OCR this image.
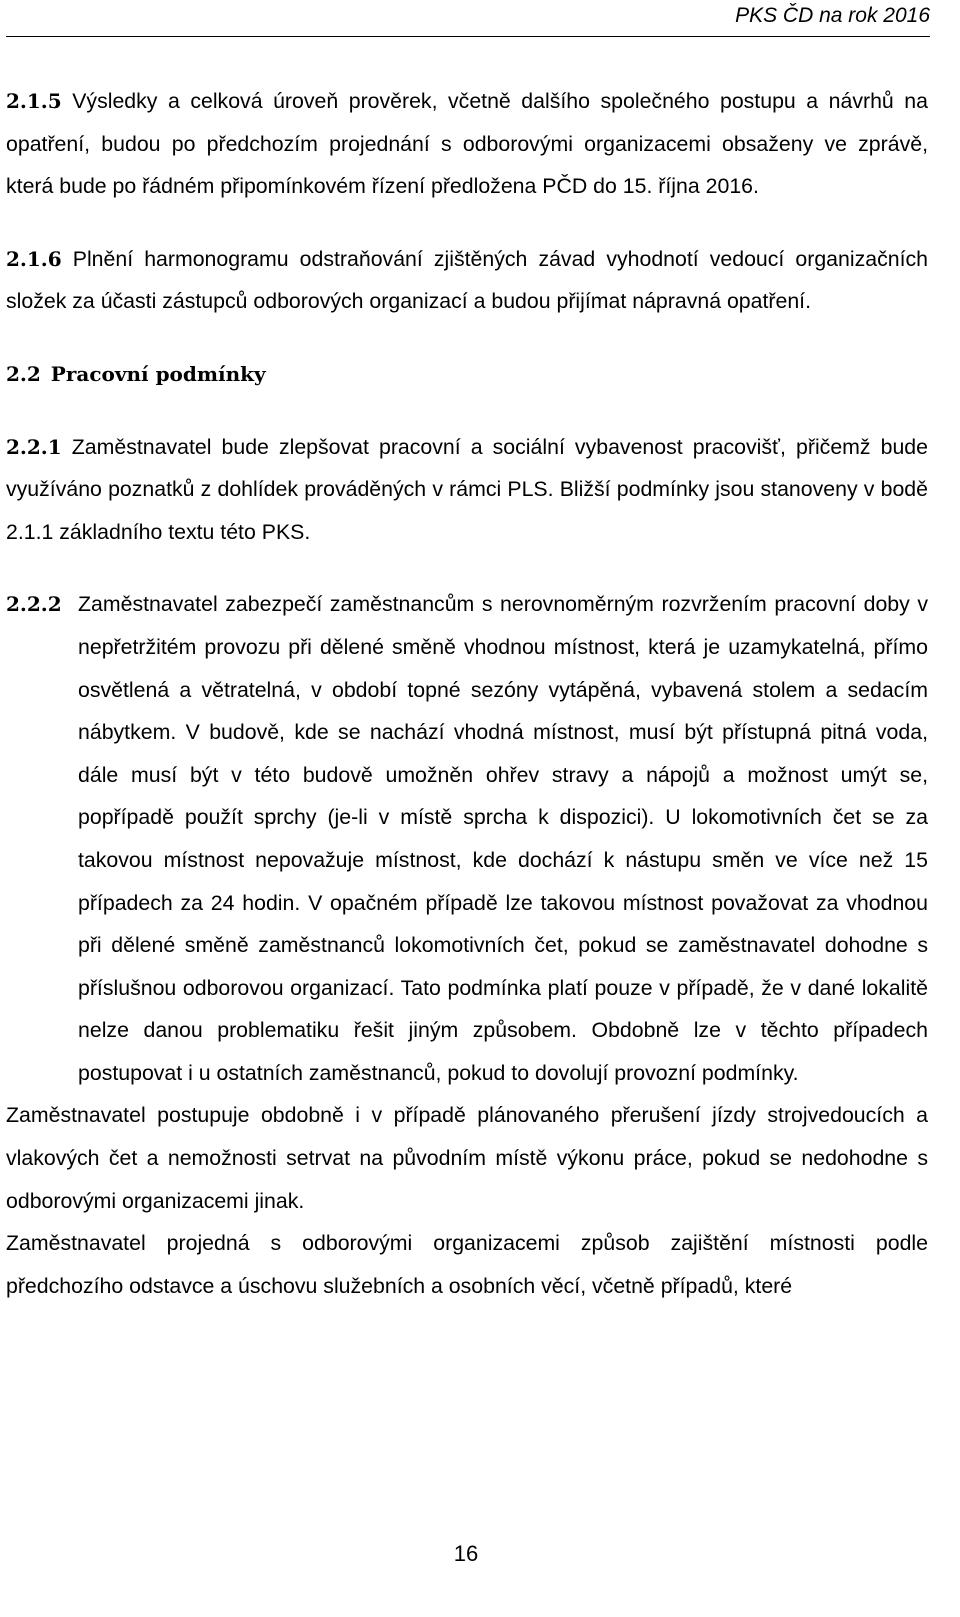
PKS ČD na rok 2016

2.1.5 Výsledky a celková úroveň prověrek, včetně dalšího společného postupu a návrhů na opatření, budou po předchozím projednání s odborovými organizacemi obsaženy ve zprávě, která bude po řádném připomínkovém řízení předložena PČD do 15. října 2016.

2.1.6 Plnění harmonogramu odstraňování zjištěných závad vyhodnotí vedoucí organizačních složek za účasti zástupců odborových organizací a budou přijímat nápravná opatření.

2.2 Pracovní podmínky

2.2.1 Zaměstnavatel bude zlepšovat pracovní a sociální vybavenost pracovišť, přičemž bude využíváno poznatků z dohlídek prováděných v rámci PLS. Bližší podmínky jsou stanoveny v bodě 2.1.1 základního textu této PKS.

2.2.2 Zaměstnavatel zabezpečí zaměstnancům s nerovnoměrným rozvržením pracovní doby v nepřetržitém provozu při dělené směně vhodnou místnost, která je uzamykatelná, přímo osvětlená a větratelná, v období topné sezóny vytápěná, vybavená stolem a sedacím nábytkem. V budově, kde se nachází vhodná místnost, musí být přístupná pitná voda, dále musí být v této budově umožněn ohřev stravy a nápojů a možnost umýt se, popřípadě použít sprchy (je-li v místě sprcha k dispozici). U lokomotivních čet se za takovou místnost nepovažuje místnost, kde dochází k nástupu směn ve více než 15 případech za 24 hodin. V opačném případě lze takovou místnost považovat za vhodnou při dělené směně zaměstnanců lokomotivních čet, pokud se zaměstnavatel dohodne s příslušnou odborovou organizací. Tato podmínka platí pouze v případě, že v dané lokalitě nelze danou problematiku řešit jiným způsobem. Obdobně lze v těchto případech postupovat i u ostatních zaměstnanců, pokud to dovolují provozní podmínky.

Zaměstnavatel postupuje obdobně i v případě plánovaného přerušení jízdy strojvedoucích a vlakových čet a nemožnosti setrvat na původním místě výkonu práce, pokud se nedohodne s odborovými organizacemi jinak.

Zaměstnavatel projedná s odborovými organizacemi způsob zajištění místnosti podle předchozího odstavce a úschovu služebních a osobních věcí, včetně případů, které

16
